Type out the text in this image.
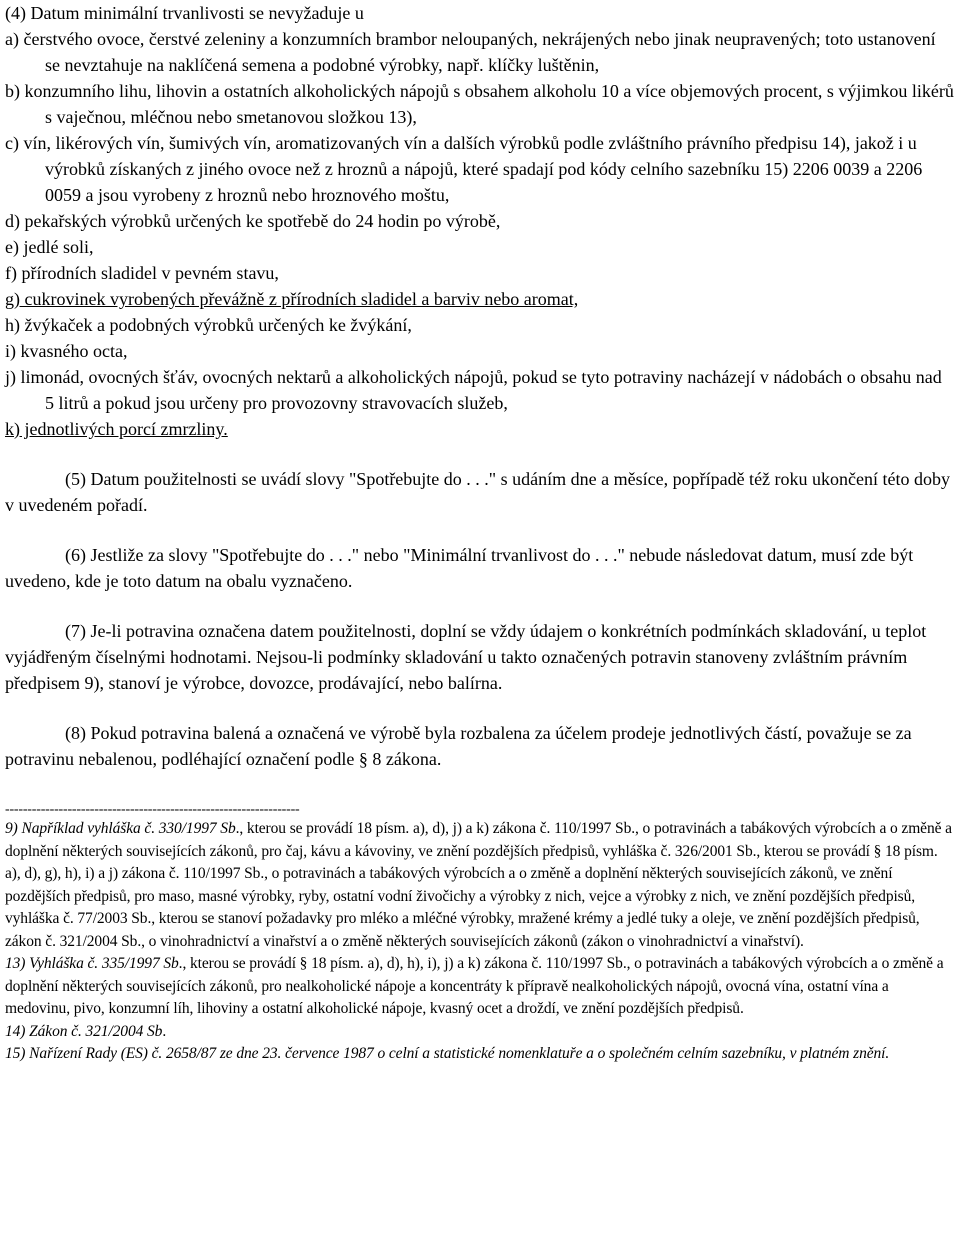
(4) Datum minimální trvanlivosti se nevyžaduje u
a) čerstvého ovoce, čerstvé zeleniny a konzumních brambor neloupaných, nekrájených nebo jinak neupravených; toto ustanovení se nevztahuje na naklíčená semena a podobné výrobky, např. klíčky luštěnin,
b) konzumního lihu, lihovin a ostatních alkoholických nápojů s obsahem alkoholu 10 a více objemových procent, s výjimkou likérů s vaječnou, mléčnou nebo smetanovou složkou 13),
c) vín, likérových vín, šumivých vín, aromatizovaných vín a dalších výrobků podle zvláštního právního předpisu 14), jakož i u výrobků získaných z jiného ovoce než z hroznů a nápojů, které spadají pod kódy celního sazebníku 15) 2206 0039 a 2206 0059 a jsou vyrobeny z hroznů nebo hroznového moštu,
d) pekařských výrobků určených ke spotřebě do 24 hodin po výrobě,
e) jedlé soli,
f) přírodních sladidel v pevném stavu,
g) cukrovinek vyrobených převážně z přírodních sladidel a barviv nebo aromat,
h) žvýkaček a podobných výrobků určených ke žvýkání,
i) kvasného octa,
j) limonád, ovocných šťáv, ovocných nektarů a alkoholických nápojů, pokud se tyto potraviny nacházejí v nádobách o obsahu nad 5 litrů a pokud jsou určeny pro provozovny stravovacích služeb,
k) jednotlivých porcí zmrzliny.
(5) Datum použitelnosti se uvádí slovy "Spotřebujte do . . ." s udáním dne a měsíce, popřípadě též roku ukončení této doby v uvedeném pořadí.
(6) Jestliže za slovy "Spotřebujte do . . ." nebo "Minimální trvanlivost do . . ." nebude následovat datum, musí zde být uvedeno, kde je toto datum na obalu vyznačeno.
(7) Je-li potravina označena datem použitelnosti, doplní se vždy údajem o konkrétních podmínkách skladování, u teplot vyjádřeným číselnými hodnotami. Nejsou-li podmínky skladování u takto označených potravin stanoveny zvláštním právním předpisem 9), stanoví je výrobce, dovozce, prodávající, nebo balírna.
(8) Pokud potravina balená a označená ve výrobě byla rozbalena za účelem prodeje jednotlivých částí, považuje se za potravinu nebalenou, podléhající označení podle § 8 zákona.
------------------------------------------------------------------
9) Například vyhláška č. 330/1997 Sb., kterou se provádí 18 písm. a), d), j) a k) zákona č. 110/1997 Sb., o potravinách a tabákových výrobcích a o změně a doplnění některých souvisejících zákonů, pro čaj, kávu a kávoviny, ve znění pozdějších předpisů, vyhláška č. 326/2001 Sb., kterou se provádí § 18 písm. a), d), g), h), i) a j) zákona č. 110/1997 Sb., o potravinách a tabákových výrobcích a o změně a doplnění některých souvisejících zákonů, ve znění pozdějších předpisů, pro maso, masné výrobky, ryby, ostatní vodní živočichy a výrobky z nich, vejce a výrobky z nich, ve znění pozdějších předpisů, vyhláška č. 77/2003 Sb., kterou se stanoví požadavky pro mléko a mléčné výrobky, mražené krémy a jedlé tuky a oleje, ve znění pozdějších předpisů, zákon č. 321/2004 Sb., o vinohradnictví a vinařství a o změně některých souvisejících zákonů (zákon o vinohradnictví a vinařství).
13) Vyhláška č. 335/1997 Sb., kterou se provádí § 18 písm. a), d), h), i), j) a k) zákona č. 110/1997 Sb., o potravinách a tabákových výrobcích a o změně a doplnění některých souvisejících zákonů, pro nealkoholické nápoje a koncentráty k přípravě nealkoholických nápojů, ovocná vína, ostatní vína a medovinu, pivo, konzumní líh, lihoviny a ostatní alkoholické nápoje, kvasný ocet a droždí, ve znění pozdějších předpisů.
14) Zákon č. 321/2004 Sb.
15) Nařízení Rady (ES) č. 2658/87 ze dne 23. července 1987 o celní a statistické nomenklatuře a o společném celním sazebníku, v platném znění.
